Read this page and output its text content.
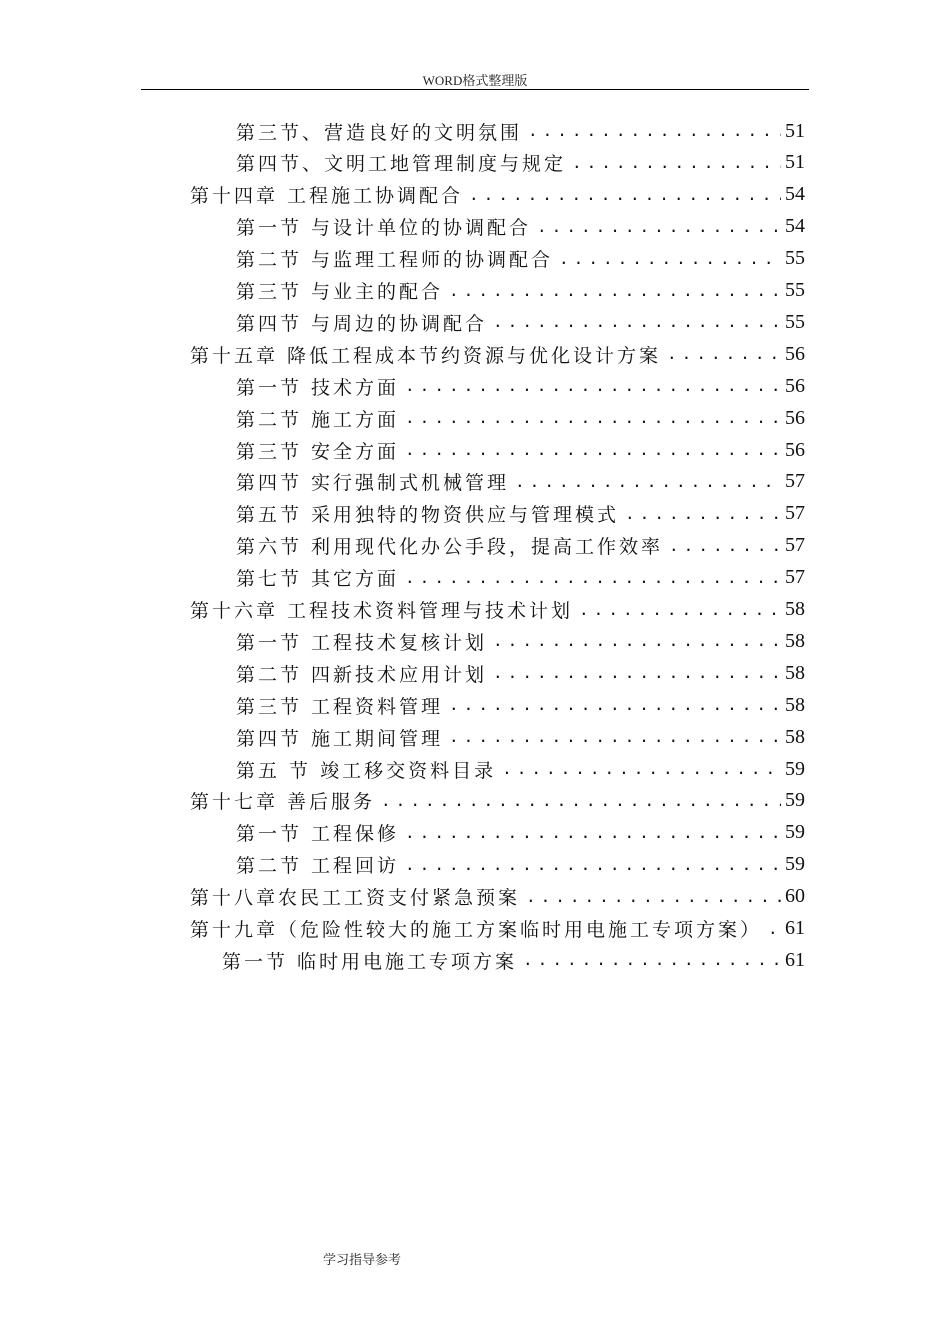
WORD格式整理版
第三节、营造良好的文明氛围 .....	51
第四节、文明工地管理制度与规定 .....	51
第十四章 工程施工协调配合 .....	54
第一节 与设计单位的协调配合 .....	54
第二节 与监理工程师的协调配合 .....	55
第三节 与业主的配合 .....	55
第四节 与周边的协调配合 .....	55
第十五章 降低工程成本节约资源与优化设计方案 .....	56
第一节 技术方面 .....	56
第二节 施工方面 .....	56
第三节 安全方面 .....	56
第四节 实行强制式机械管理 .....	57
第五节 采用独特的物资供应与管理模式 .....	57
第六节 利用现代化办公手段，提高工作效率 .....	57
第七节 其它方面 .....	57
第十六章 工程技术资料管理与技术计划 .....	58
第一节 工程技术复核计划 .....	58
第二节 四新技术应用计划 .....	58
第三节 工程资料管理 .....	58
第四节 施工期间管理 .....	58
第五 节 竣工移交资料目录 .....	59
第十七章 善后服务 .....	59
第一节 工程保修 .....	59
第二节 工程回访 .....	59
第十八章农民工工资支付紧急预案 .....	60
第十九章（危险性较大的施工方案临时用电施工专项方案） ..... 61
第一节 临时用电施工专项方案 .....	61
学习指导参考
